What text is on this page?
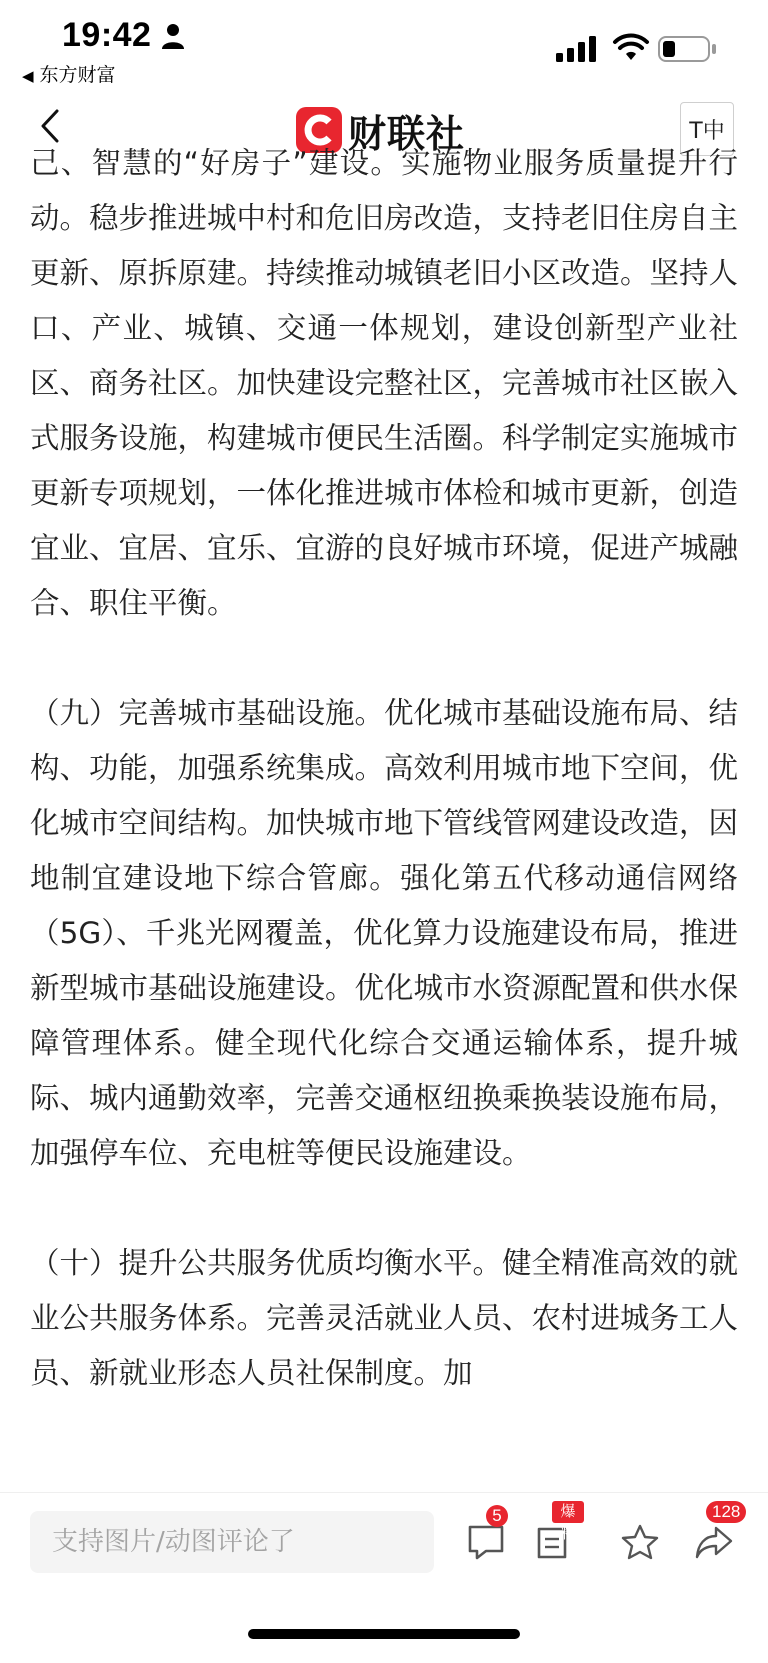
19:42
◀ 东方财富
财联社	T中

己、智慧的“好房子”建设。实施物业服务质量提升行动。稳步推进城中村和危旧房改造，支持老旧住房自主更新、原拆原建。持续推动城镇老旧小区改造。坚持人口、产业、城镇、交通一体规划，建设创新型产业社区、商务社区。加快建设完整社区，完善城市社区嵌入式服务设施，构建城市便民生活圈。科学制定实施城市更新专项规划，一体化推进城市体检和城市更新，创造宜业、宜居、宜乐、宜游的良好城市环境，促进产城融合、职住平衡。

（九）完善城市基础设施。优化城市基础设施布局、结构、功能，加强系统集成。高效利用城市地下空间，优化城市空间结构。加快城市地下管线管网建设改造，因地制宜建设地下综合管廊。强化第五代移动通信网络（5G）、千兆光网覆盖，优化算力设施建设布局，推进新型城市基础设施建设。优化城市水资源配置和供水保障管理体系。健全现代化综合交通运输体系，提升城际、城内通勤效率，完善交通枢纽换乘换装设施布局，加强停车位、充电桩等便民设施建设。

（十）提升公共服务优质均衡水平。健全精准高效的就业公共服务体系。完善灵活就业人员、农村进城务工人员、新就业形态人员社保制度。加

支持图片/动图评论了
5	爆料
128
